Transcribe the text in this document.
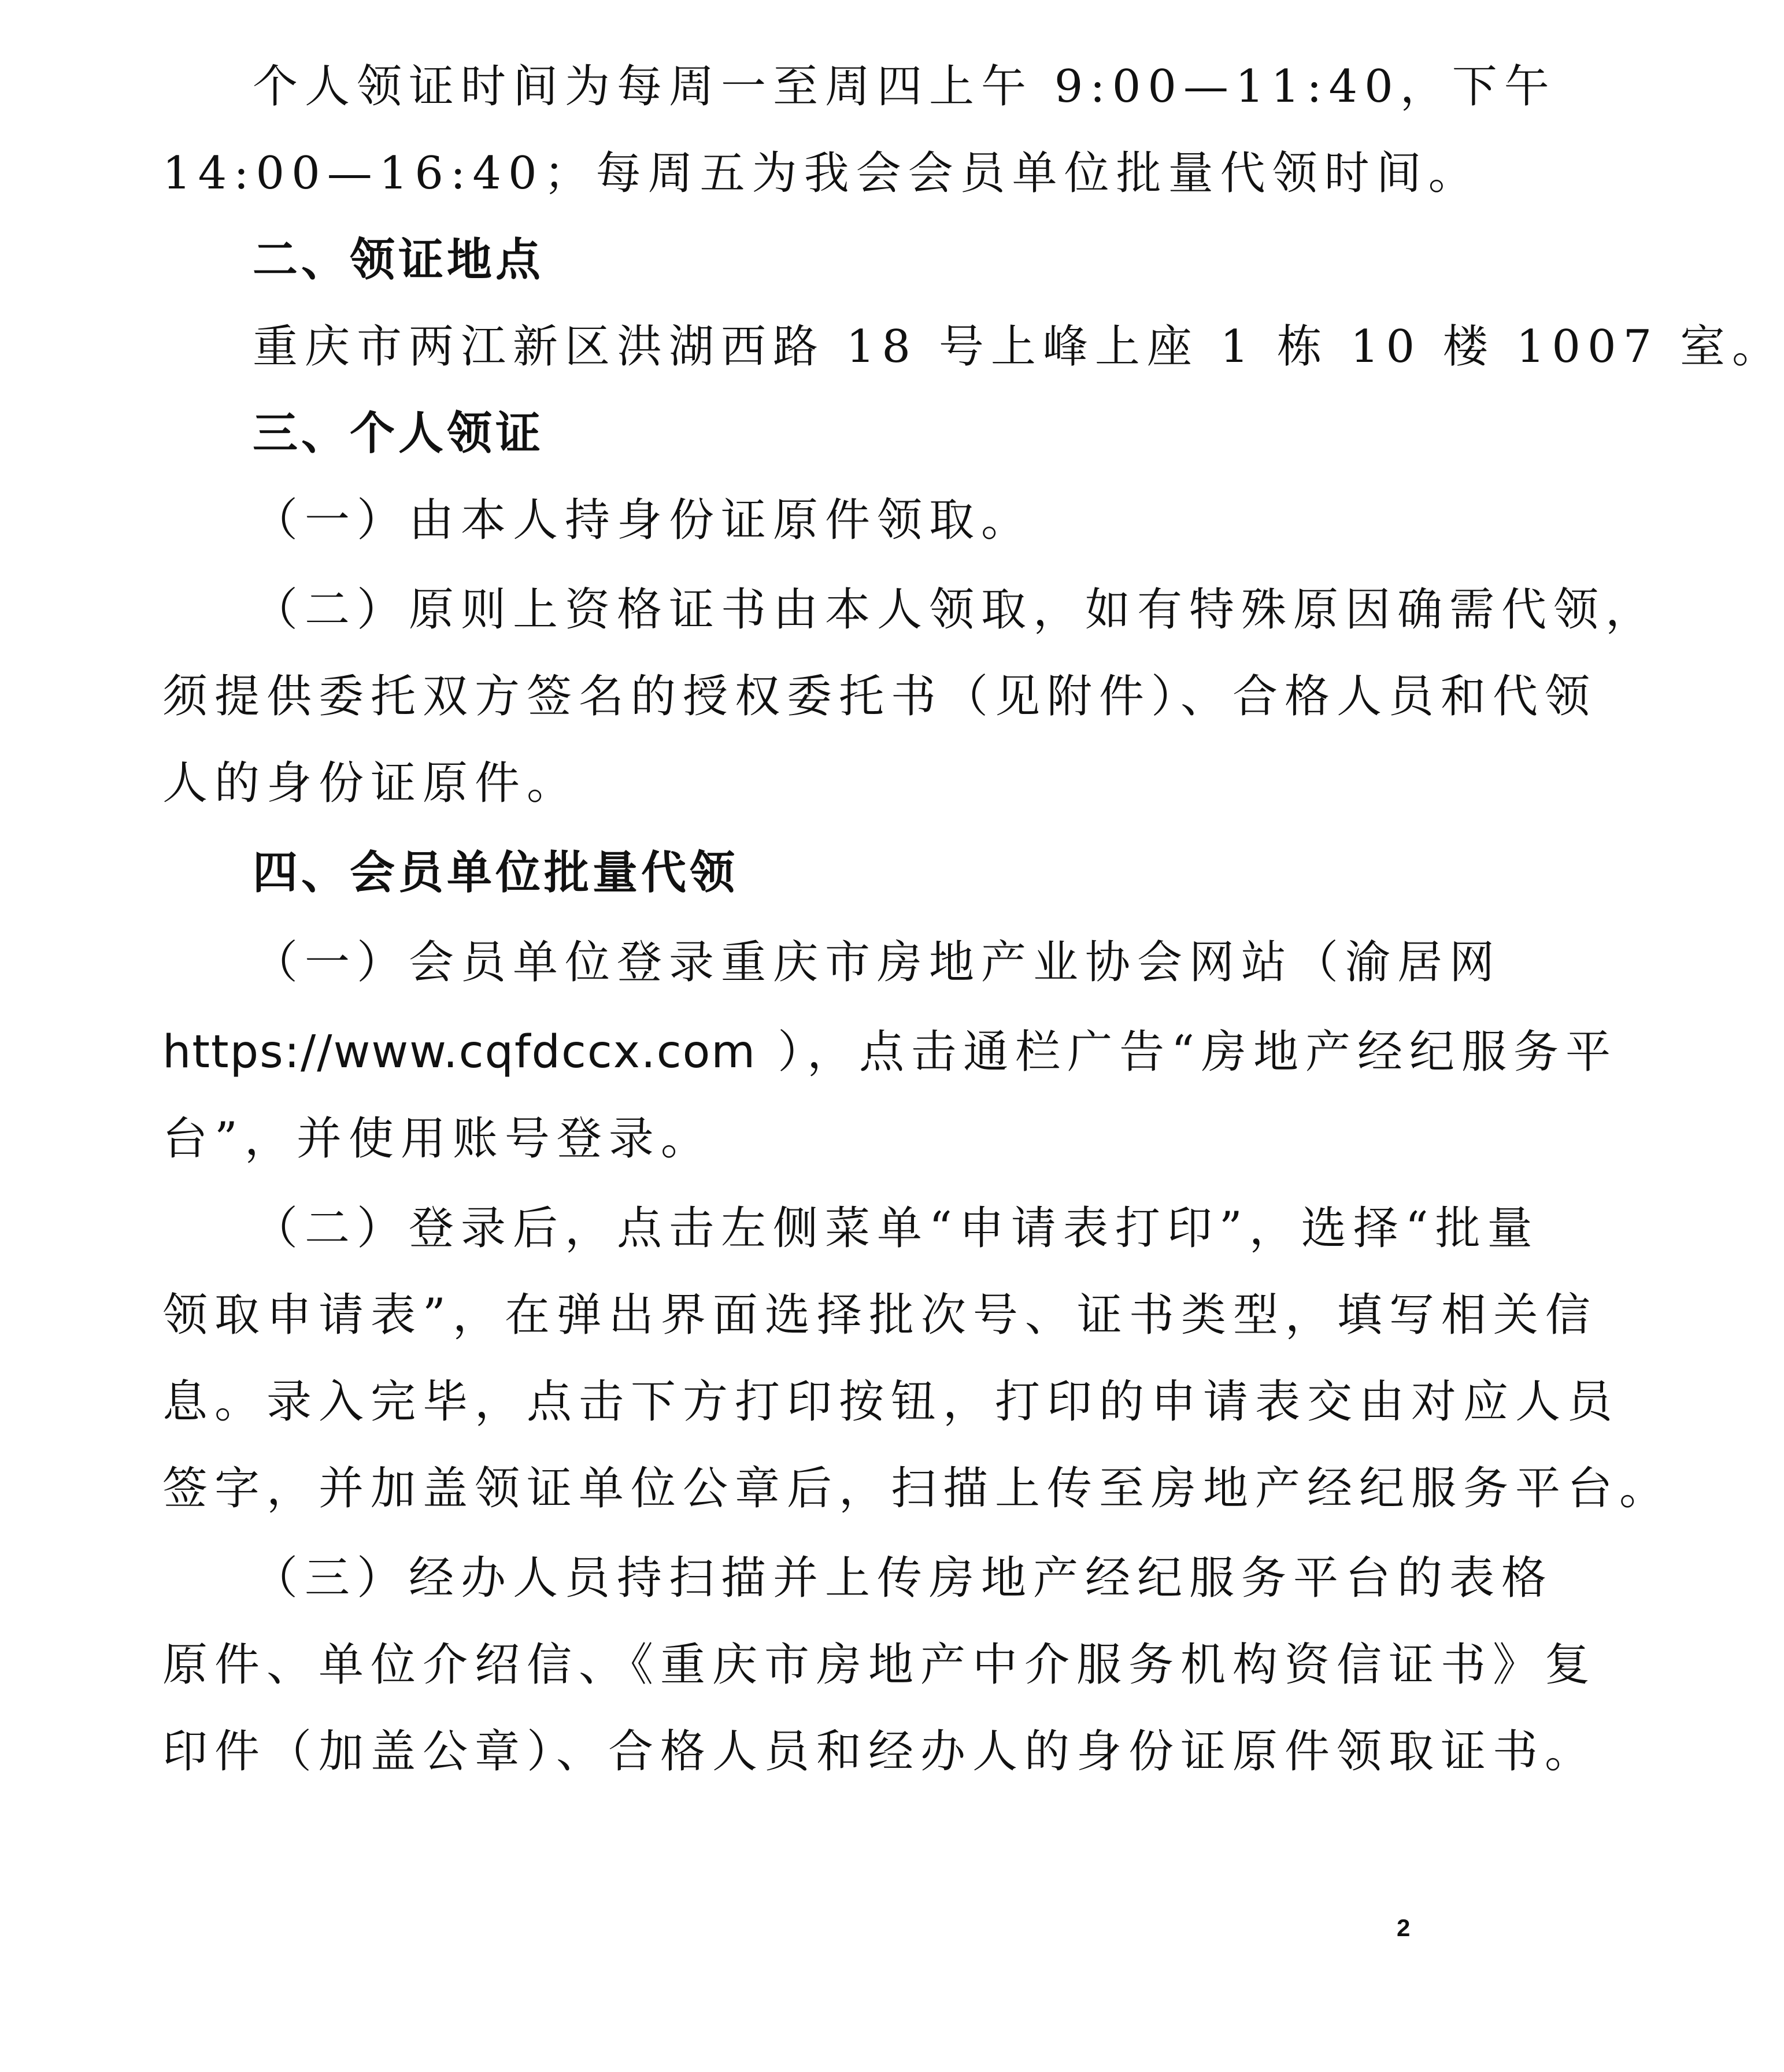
个人领证时间为每周一至周四上午 9:00—11:40，下午
14:00—16:40；每周五为我会会员单位批量代领时间。
二、领证地点
重庆市两江新区洪湖西路 18 号上峰上座 1 栋 10 楼 1007 室。
三、个人领证
（一）由本人持身份证原件领取。
（二）原则上资格证书由本人领取，如有特殊原因确需代领，
须提供委托双方签名的授权委托书（见附件）、合格人员和代领
人的身份证原件。
四、会员单位批量代领
（一）会员单位登录重庆市房地产业协会网站（渝居网
https://www.cqfdccx.com ），点击通栏广告“房地产经纪服务平
台”，并使用账号登录。
（二）登录后，点击左侧菜单“申请表打印”，选择“批量
领取申请表”，在弹出界面选择批次号、证书类型，填写相关信
息。录入完毕，点击下方打印按钮，打印的申请表交由对应人员
签字，并加盖领证单位公章后，扫描上传至房地产经纪服务平台。
（三）经办人员持扫描并上传房地产经纪服务平台的表格
原件、单位介绍信、《重庆市房地产中介服务机构资信证书》复
印件（加盖公章）、合格人员和经办人的身份证原件领取证书。
2
